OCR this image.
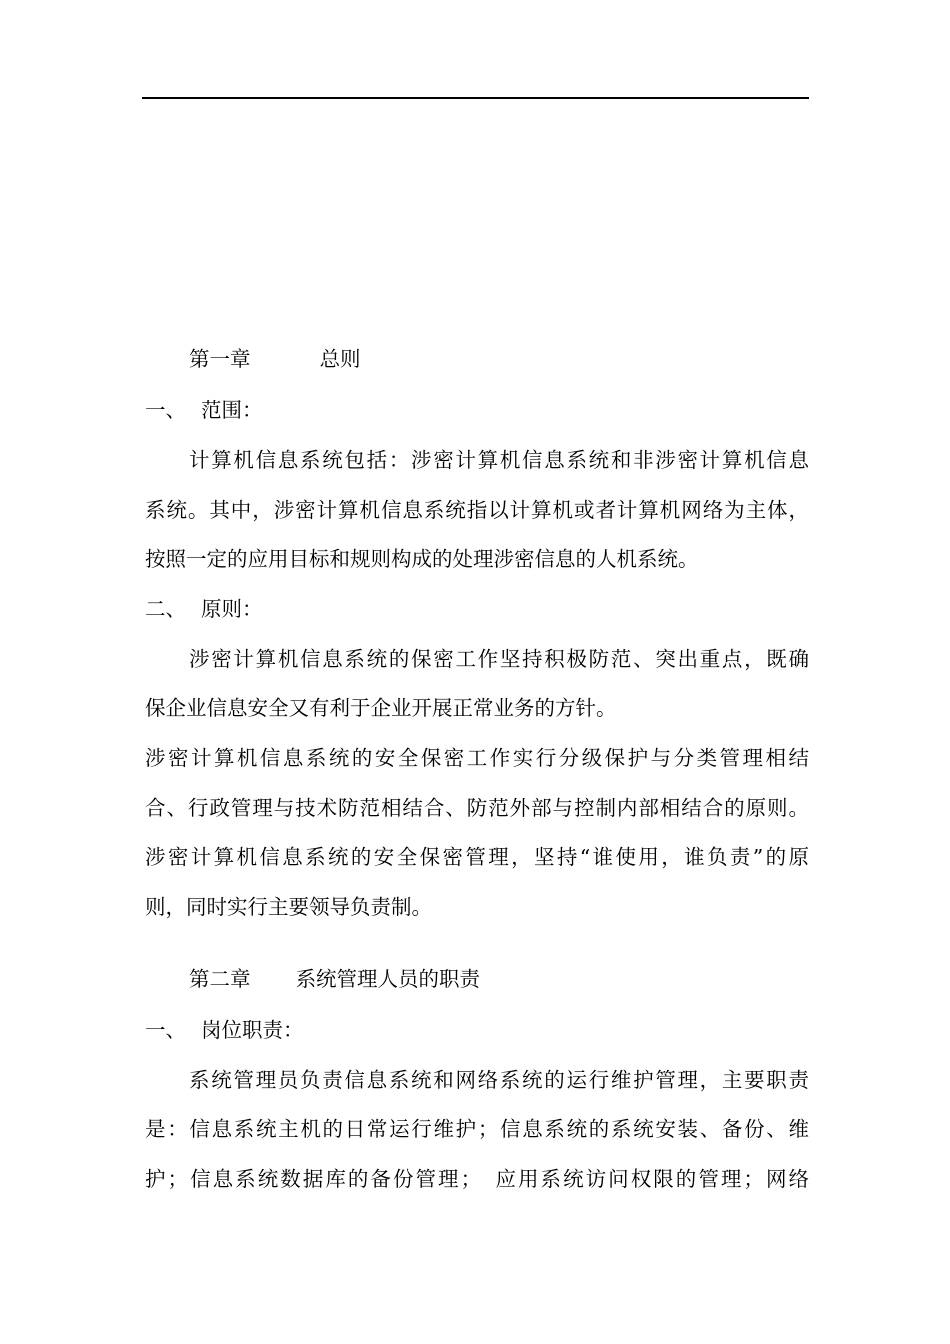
第一章	总则
一、 范围：
计算机信息系统包括：涉密计算机信息系统和非涉密计算机信息
系统。其中，涉密计算机信息系统指以计算机或者计算机网络为主体，
按照一定的应用目标和规则构成的处理涉密信息的人机系统。
二、 原则：
涉密计算机信息系统的保密工作坚持积极防范、突出重点，既确
保企业信息安全又有利于企业开展正常业务的方针。
涉密计算机信息系统的安全保密工作实行分级保护与分类管理相结
合、行政管理与技术防范相结合、防范外部与控制内部相结合的原则。
涉密计算机信息系统的安全保密管理，坚持“谁使用，谁负责”的原
则，同时实行主要领导负责制。
第二章 系统管理人员的职责
一、 岗位职责：
系统管理员负责信息系统和网络系统的运行维护管理，主要职责
是：信息系统主机的日常运行维护；信息系统的系统安装、备份、维
护；信息系统数据库的备份管理；　应用系统访问权限的管理；网络
